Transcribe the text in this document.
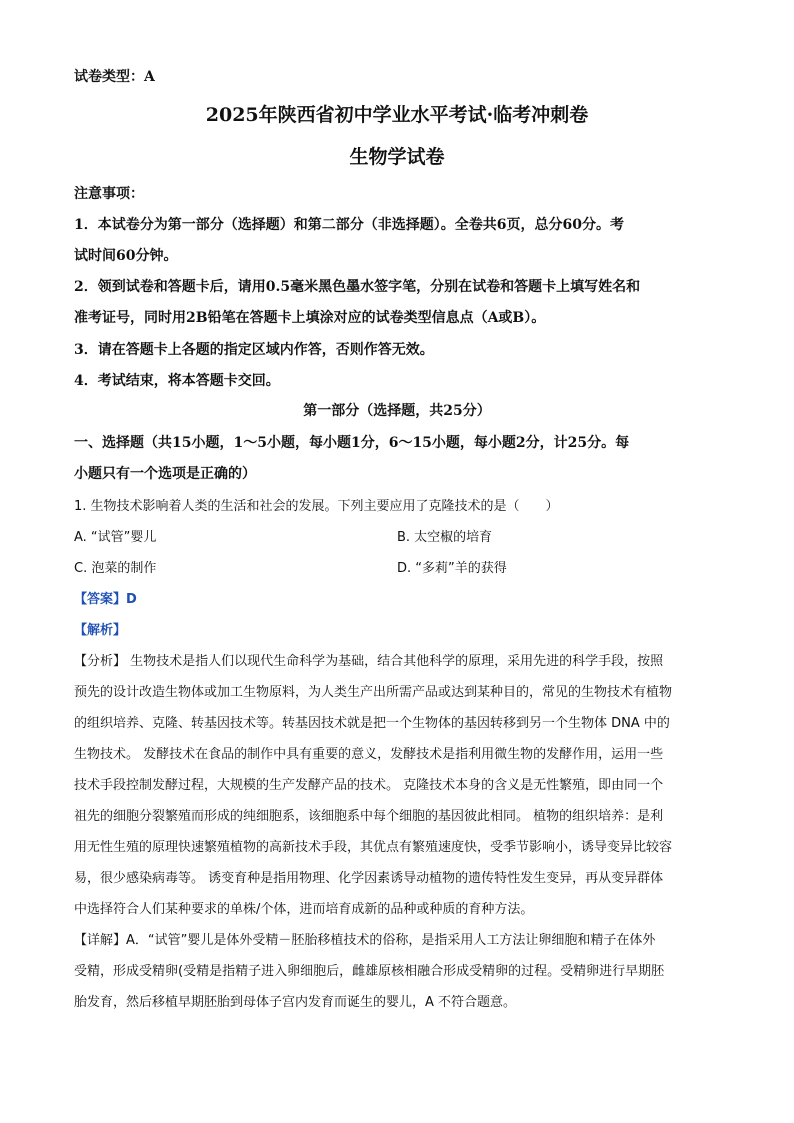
试卷类型：A
2025年陕西省初中学业水平考试·临考冲刺卷
生物学试卷
注意事项：
1．本试卷分为第一部分（选择题）和第二部分（非选择题）。全卷共6页，总分60分。考
试时间60分钟。
2．领到试卷和答题卡后，请用0.5毫米黑色墨水签字笔，分别在试卷和答题卡上填写姓名和
准考证号，同时用2B铅笔在答题卡上填涂对应的试卷类型信息点（A或B）。
3．请在答题卡上各题的指定区域内作答，否则作答无效。
4．考试结束，将本答题卡交回。
第一部分（选择题，共25分）
一、选择题（共15小题，1～5小题，每小题1分，6～15小题，每小题2分，计25分。每
小题只有一个选项是正确的）
1. 生物技术影响着人类的生活和社会的发展。下列主要应用了克隆技术的是（　　）
A. “试管”婴儿	B. 太空椒的培育
C. 泡菜的制作	D. “多莉”羊的获得
【答案】D
【解析】
【分析】 生物技术是指人们以现代生命科学为基础，结合其他科学的原理，采用先进的科学手段，按照
预先的设计改造生物体或加工生物原料，为人类生产出所需产品或达到某种目的，常见的生物技术有植物
的组织培养、克隆、转基因技术等。转基因技术就是把一个生物体的基因转移到另一个生物体 DNA 中的
生物技术。 发酵技术在食品的制作中具有重要的意义，发酵技术是指利用微生物的发酵作用，运用一些
技术手段控制发酵过程，大规模的生产发酵产品的技术。 克隆技术本身的含义是无性繁殖，即由同一个
祖先的细胞分裂繁殖而形成的纯细胞系，该细胞系中每个细胞的基因彼此相同。 植物的组织培养：是利
用无性生殖的原理快速繁殖植物的高新技术手段，其优点有繁殖速度快，受季节影响小，诱导变异比较容
易，很少感染病毒等。 诱变育种是指用物理、化学因素诱导动植物的遗传特性发生变异，再从变异群体
中选择符合人们某种要求的单株/个体，进而培育成新的品种或种质的育种方法。
【详解】A．“试管”婴儿是体外受精－胚胎移植技术的俗称，是指采用人工方法让卵细胞和精子在体外
受精，形成受精卵(受精是指精子进入卵细胞后，雌雄原核相融合形成受精卵的过程。受精卵进行早期胚
胎发育，然后移植早期胚胎到母体子宫内发育而诞生的婴儿，A 不符合题意。
